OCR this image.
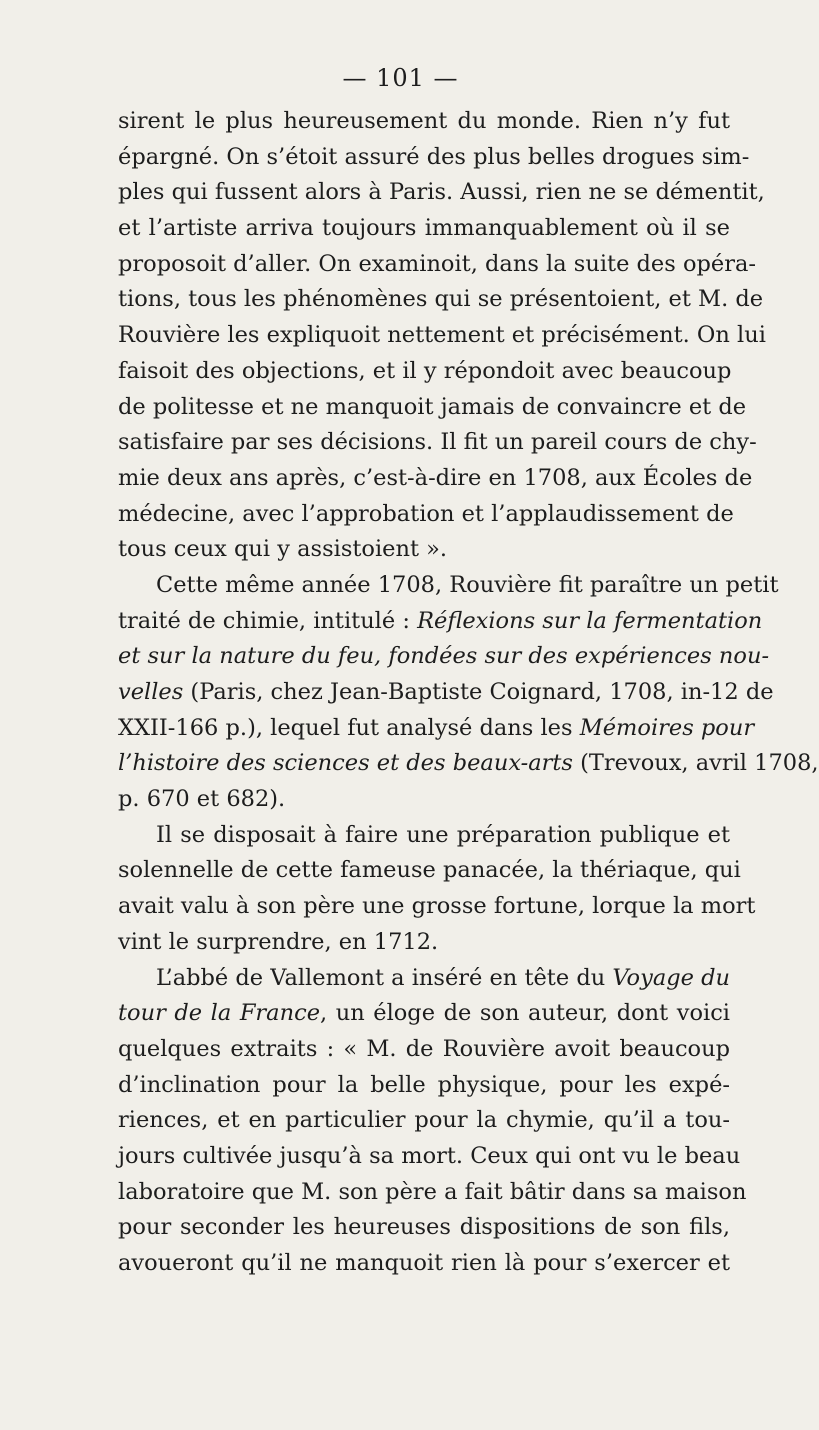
— 101 —
sirent le plus heureusement du monde. Rien n’y fut
épargné. On s’étoit assuré des plus belles drogues sim-
ples qui fussent alors à Paris. Aussi, rien ne se démentit,
et l’artiste arriva toujours immanquablement où il se
proposoit d’aller. On examinoit, dans la suite des opéra-
tions, tous les phénomènes qui se présentoient, et M. de
Rouvière les expliquoit nettement et précisément. On lui
faisoit des objections, et il y répondoit avec beaucoup
de politesse et ne manquoit jamais de convaincre et de
satisfaire par ses décisions. Il fit un pareil cours de chy-
mie deux ans après, c’est-à-dire en 1708, aux Écoles de
médecine, avec l’approbation et l’applaudissement de
tous ceux qui y assistoient ».
Cette même année 1708, Rouvière fit paraître un petit
traité de chimie, intitulé : Réflexions sur la fermentation
et sur la nature du feu, fondées sur des expériences nou-
velles (Paris, chez Jean-Baptiste Coignard, 1708, in-12 de
XXII-166 p.), lequel fut analysé dans les Mémoires pour
l’histoire des sciences et des beaux-arts (Trevoux, avril 1708,
p. 670 et 682).
Il se disposait à faire une préparation publique et
solennelle de cette fameuse panacée, la thériaque, qui
avait valu à son père une grosse fortune, lorque la mort
vint le surprendre, en 1712.
L’abbé de Vallemont a inséré en tête du Voyage du
tour de la France, un éloge de son auteur, dont voici
quelques extraits : « M. de Rouvière avoit beaucoup
d’inclination pour la belle physique, pour les expé-
riences, et en particulier pour la chymie, qu’il a tou-
jours cultivée jusqu’à sa mort. Ceux qui ont vu le beau
laboratoire que M. son père a fait bâtir dans sa maison
pour seconder les heureuses dispositions de son fils,
avoueront qu’il ne manquoit rien là pour s’exercer et
